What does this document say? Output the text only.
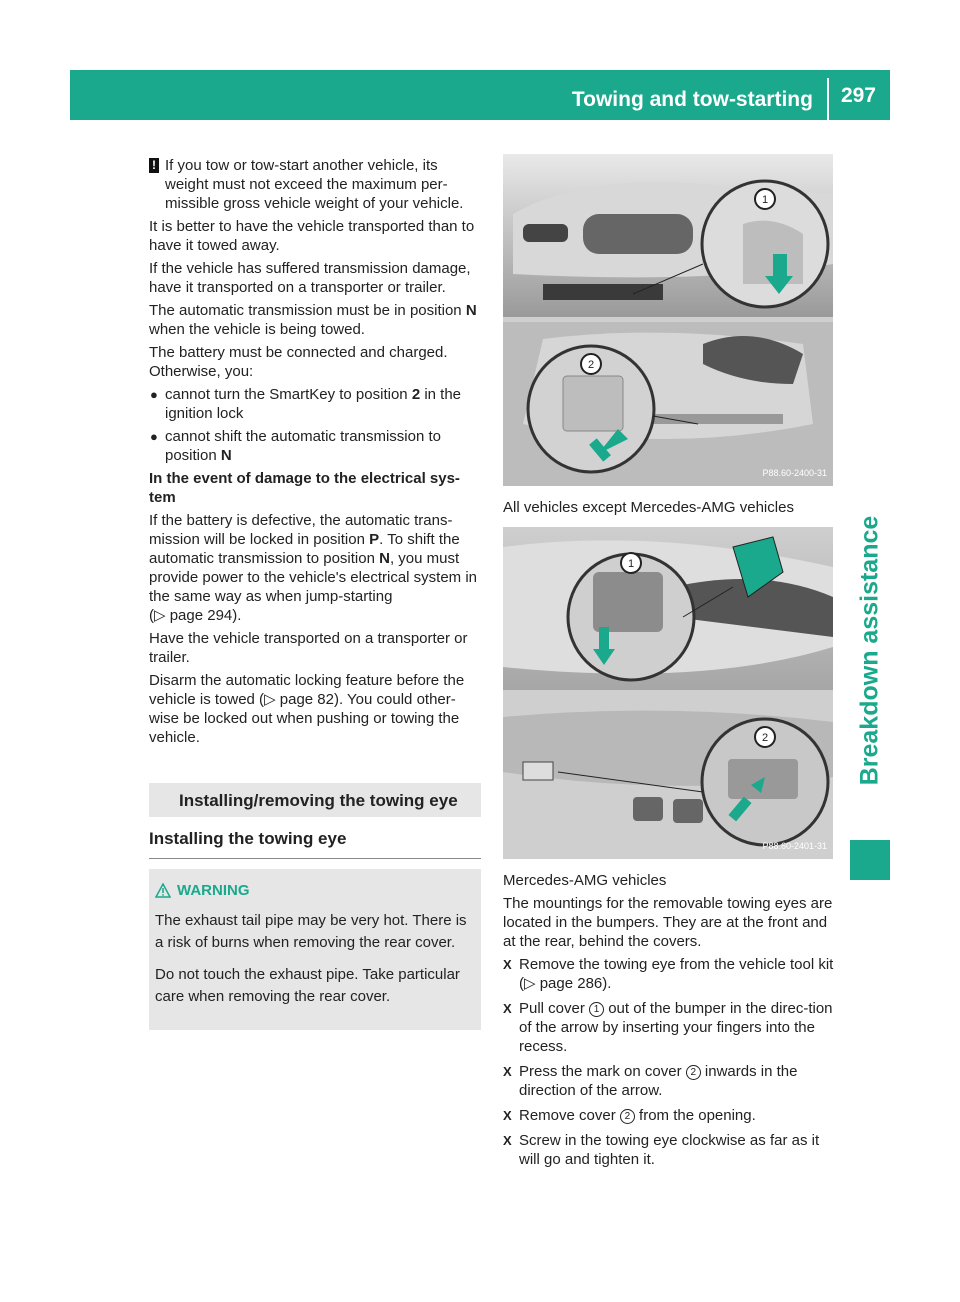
Towing and tow-starting	297
Breakdown assistance

! If you tow or tow-start another vehicle, its weight must not exceed the maximum per-missible gross vehicle weight of your vehicle.

It is better to have the vehicle transported than to have it towed away.

If the vehicle has suffered transmission damage, have it transported on a transporter or trailer.

The automatic transmission must be in position N when the vehicle is being towed.

The battery must be connected and charged. Otherwise, you:

● cannot turn the SmartKey to position 2 in the ignition lock
● cannot shift the automatic transmission to position N

In the event of damage to the electrical sys-tem

If the battery is defective, the automatic trans-mission will be locked in position P. To shift the automatic transmission to position N, you must provide power to the vehicle's electrical system in the same way as when jump-starting
(▷ page 294).

Have the vehicle transported on a transporter or trailer.

Disarm the automatic locking feature before the vehicle is towed (▷ page 82). You could other-wise be locked out when pushing or towing the vehicle.

Installing/removing the towing eye
Installing the towing eye
WARNING

The exhaust tail pipe may be very hot. There is a risk of burns when removing the rear cover.

Do not touch the exhaust pipe. Take particular care when removing the rear cover.

1
2
P88.60-2400-31

All vehicles except Mercedes-AMG vehicles

1
2
P88.60-2401-31

Mercedes-AMG vehicles

The mountings for the removable towing eyes are located in the bumpers. They are at the front and at the rear, behind the covers.

X Remove the towing eye from the vehicle tool kit (▷ page 286).
X Pull cover 1 out of the bumper in the direc-tion of the arrow by inserting your fingers into the recess.
X Press the mark on cover 2 inwards in the direction of the arrow.
X Remove cover 2 from the opening.
X Screw in the towing eye clockwise as far as it will go and tighten it.
